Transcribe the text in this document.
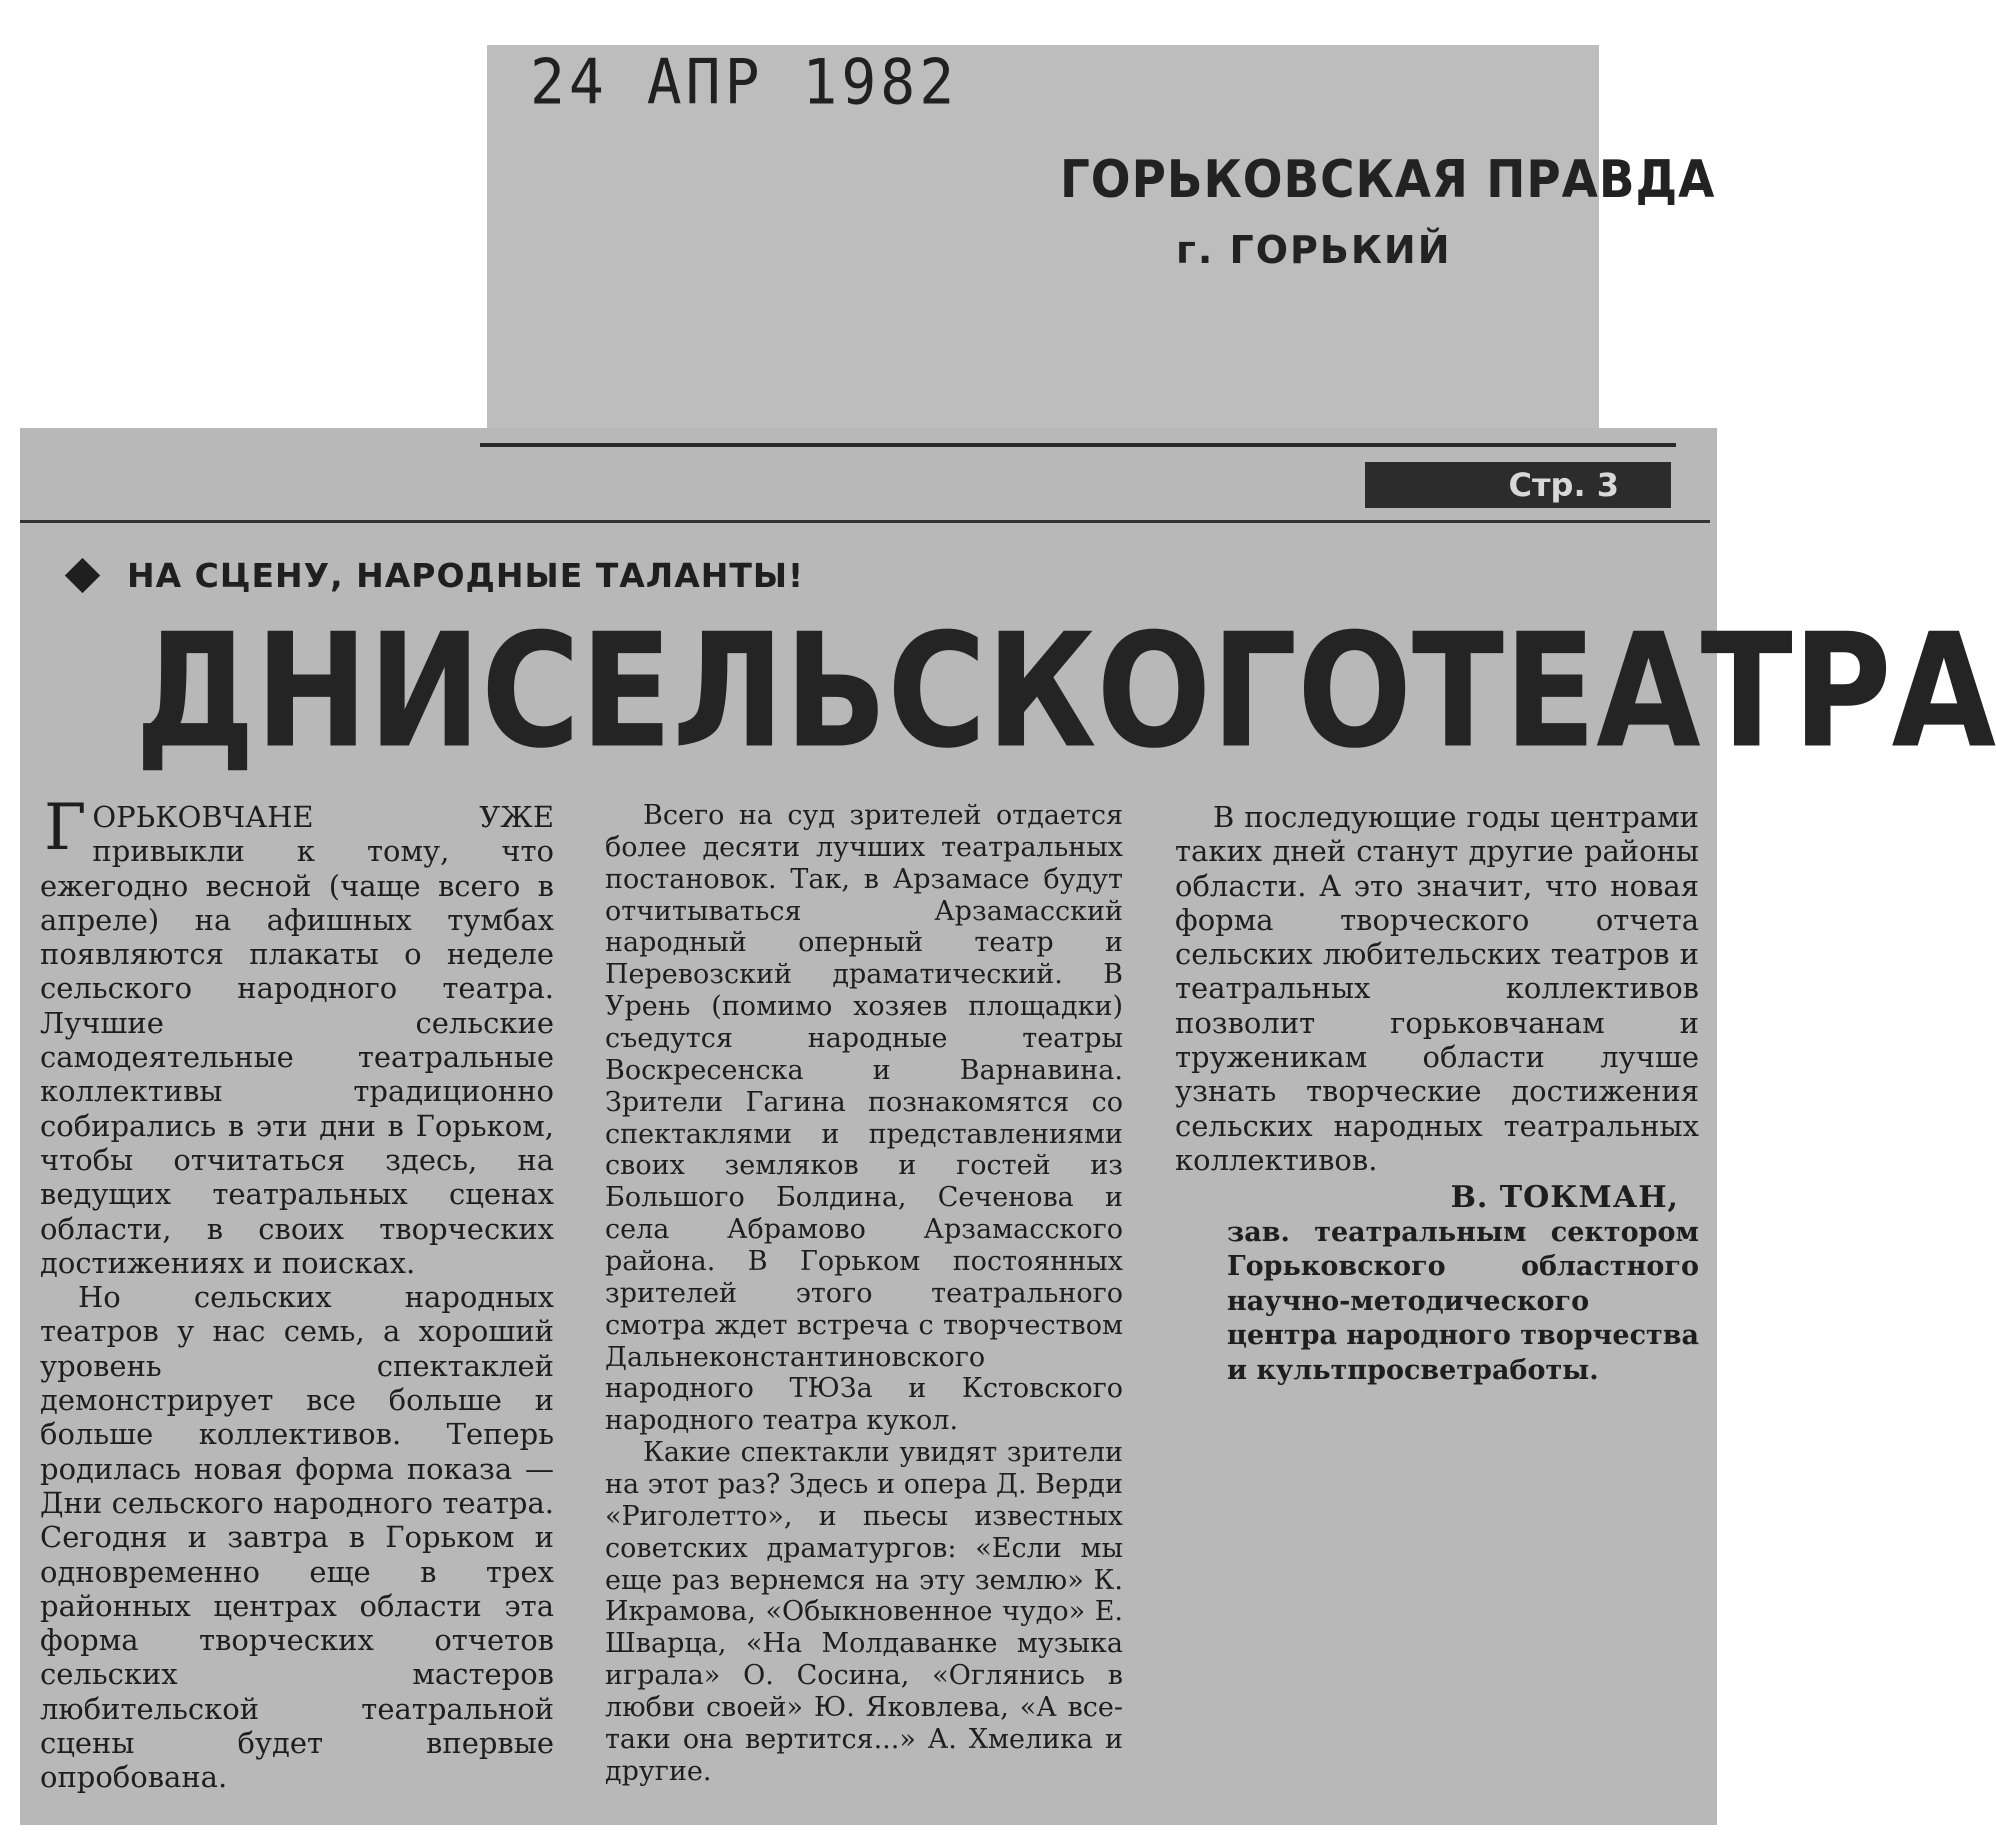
24 АПР 1982
ГОРЬКОВСКАЯ ПРАВДА
г. ГОРЬКИЙ
Стр. 3
НА СЦЕНУ, НАРОДНЫЕ ТАЛАНТЫ!
ДНИ СЕЛЬСКОГО ТЕАТРА

ГОРЬКОВЧАНЕ УЖЕ привыкли к тому, что ежегодно весной (чаще всего в апреле) на афишных тумбах появляются плакаты о неделе сельского народного театра. Лучшие сельские самодеятельные театральные коллективы традиционно собирались в эти дни в Горьком, чтобы отчитаться здесь, на ведущих театральных сценах области, в своих творческих достижениях и поисках.

Но сельских народных театров у нас семь, а хороший уровень спектаклей демонстрирует все больше и больше коллективов. Теперь родилась новая форма показа — Дни сельского народного театра. Сегодня и завтра в Горьком и одновременно еще в трех районных центрах области эта форма творческих отчетов сельских мастеров любительской театральной сцены будет впервые опробована.

Всего на суд зрителей отдается более десяти лучших театральных постановок. Так, в Арзамасе будут отчитываться Арзамасский народный оперный театр и Перевозский драматический. В Урень (помимо хозяев площадки) съедутся народные театры Воскресенска и Варнавина. Зрители Гагина познакомятся со спектаклями и представлениями своих земляков и гостей из Большого Болдина, Сеченова и села Абрамово Арзамасского района. В Горьком постоянных зрителей этого театрального смотра ждет встреча с творчеством Дальнеконстантиновского народного ТЮЗа и Кстовского народного театра кукол.

Какие спектакли увидят зрители на этот раз? Здесь и опера Д. Верди «Риголетто», и пьесы известных советских драматургов: «Если мы еще раз вернемся на эту землю» К. Икрамова, «Обыкновенное чудо» Е. Шварца, «На Молдаванке музыка играла» О. Сосина, «Оглянись в любви своей» Ю. Яковлева, «А все-таки она вертится...» А. Хмелика и другие.

В последующие годы центрами таких дней станут другие районы области. А это значит, что новая форма творческого отчета сельских любительских театров и театральных коллективов позволит горьковчанам и труженикам области лучше узнать творческие достижения сельских народных театральных коллективов.

В. ТОКМАН,

зав. театральным сектором Горьковского областного научно-методического центра народного творчества и культпросветработы.
